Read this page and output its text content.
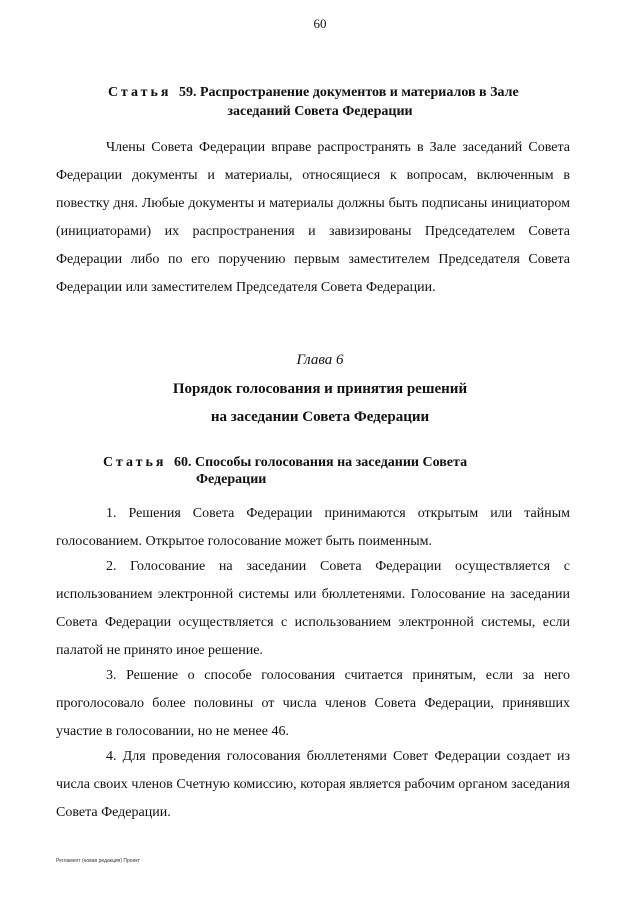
60
Статья 59. Распространение документов и материалов в Зале
заседаний Совета Федерации

Члены Совета Федерации вправе распространять в Зале заседаний Совета Федерации документы и материалы, относящиеся к вопросам, включенным в повестку дня. Любые документы и материалы должны быть подписаны инициатором (инициаторами) их распространения и завизированы Председателем Совета Федерации либо по его поручению первым заместителем Председателя Совета Федерации или заместителем Председателя Совета Федерации.

Глава 6
Порядок голосования и принятия решений
на заседании Совета Федерации
Статья 60. Способы голосования на заседании Совета
Федерации

1. Решения Совета Федерации принимаются открытым или тайным голосованием. Открытое голосование может быть поименным.

2. Голосование на заседании Совета Федерации осуществляется с использованием электронной системы или бюллетенями. Голосование на заседании Совета Федерации осуществляется с использованием электронной системы, если палатой не принято иное решение.

3. Решение о способе голосования считается принятым, если за него проголосовало более половины от числа членов Совета Федерации, принявших участие в голосовании, но не менее 46.

4. Для проведения голосования бюллетенями Совет Федерации создает из числа своих членов Счетную комиссию, которая является рабочим органом заседания Совета Федерации.

Регламент (новая редакция) Проект
